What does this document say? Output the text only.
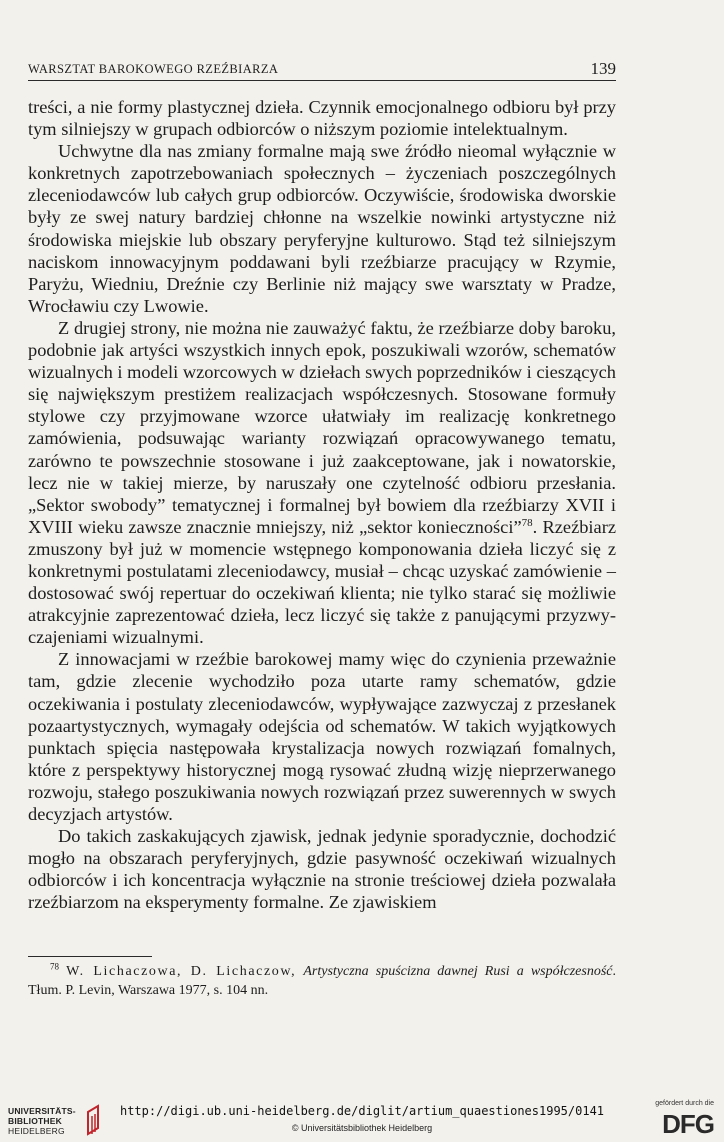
WARSZTAT BAROKOWEGO RZEŹBIARZA	139

treści, a nie formy plastycznej dzieła. Czynnik emocjonalnego odbioru był przy tym silniejszy w grupach odbiorców o niższym poziomie intelektualnym.

Uchwytne dla nas zmiany formalne mają swe źródło nieomal wyłącznie w konkretnych zapotrzebowaniach społecznych – życzeniach poszczególnych zleceniodawców lub całych grup odbiorców. Oczywiście, środowiska dworskie były ze swej natury bardziej chłonne na wszelkie nowinki artystyczne niż środowiska miejskie lub obszary peryferyjne kulturowo. Stąd też silniejszym naciskom innowacyjnym poddawani byli rzeźbiarze pracujący w Rzymie, Paryżu, Wiedniu, Dreźnie czy Berlinie niż mający swe warsztaty w Pradze, Wrocławiu czy Lwowie.

Z drugiej strony, nie można nie zauważyć faktu, że rzeźbiarze doby baroku, podobnie jak artyści wszystkich innych epok, poszukiwali wzorów, schematów wizualnych i modeli wzorcowych w dziełach swych poprzedników i cieszących się największym prestiżem realizacjach współczesnych. Stosowane formuły stylowe czy przyjmowane wzorce ułatwiały im realizację konkretnego zamówienia, podsuwając warianty rozwiązań opracowywanego tematu, zarówno te powszechnie stosowane i już zaakceptowane, jak i nowatorskie, lecz nie w takiej mierze, by naruszały one czytelność odbioru przesłania. „Sektor swobody” tematycznej i formalnej był bowiem dla rzeźbiarzy XVII i XVIII wieku zawsze znacznie mniejszy, niż „sektor konieczności”$^{78}$. Rzeźbiarz zmuszony był już w momencie wstępnego komponowania dzieła liczyć się z konkretnymi postulatami zleceniodawcy, musiał – chcąc uzyskać zamówienie – dostosować swój repertuar do oczekiwań klienta; nie tylko starać się możliwie atrakcyjnie zaprezentować dzieła, lecz liczyć się także z panującymi przyzwyczajeniami wizualnymi.

Z innowacjami w rzeźbie barokowej mamy więc do czynienia przeważnie tam, gdzie zlecenie wychodziło poza utarte ramy schematów, gdzie oczekiwania i postulaty zleceniodawców, wypływające zazwyczaj z przesłanek pozaartystycznych, wymagały odejścia od schematów. W takich wyjątkowych punktach spięcia następowała krystalizacja nowych rozwiązań fomalnych, które z perspektywy historycznej mogą rysować złudną wizję nieprzerwanego rozwoju, stałego poszukiwania nowych rozwiązań przez suwerennych w swych decyzjach artystów.

Do takich zaskakujących zjawisk, jednak jedynie sporadycznie, dochodzić mogło na obszarach peryferyjnych, gdzie pasywność oczekiwań wizualnych odbiorców i ich koncentracja wyłącznie na stronie treściowej dzieła pozwalała rzeźbiarzom na eksperymenty formalne. Ze zjawiskiem

$^{78}$ W. Lichaczowa, D. Lichaczow, Artystyczna spuścizna dawnej Rusi a współczesność. Tłum. P. Levin, Warszawa 1977, s. 104 nn.

UNIVERSITÄTS-
BIBLIOTHEK
HEIDELBERG
http://digi.ub.uni-heidelberg.de/diglit/artium_quaestiones1995/0141
© Universitätsbibliothek Heidelberg
gefördert durch die
DFG
